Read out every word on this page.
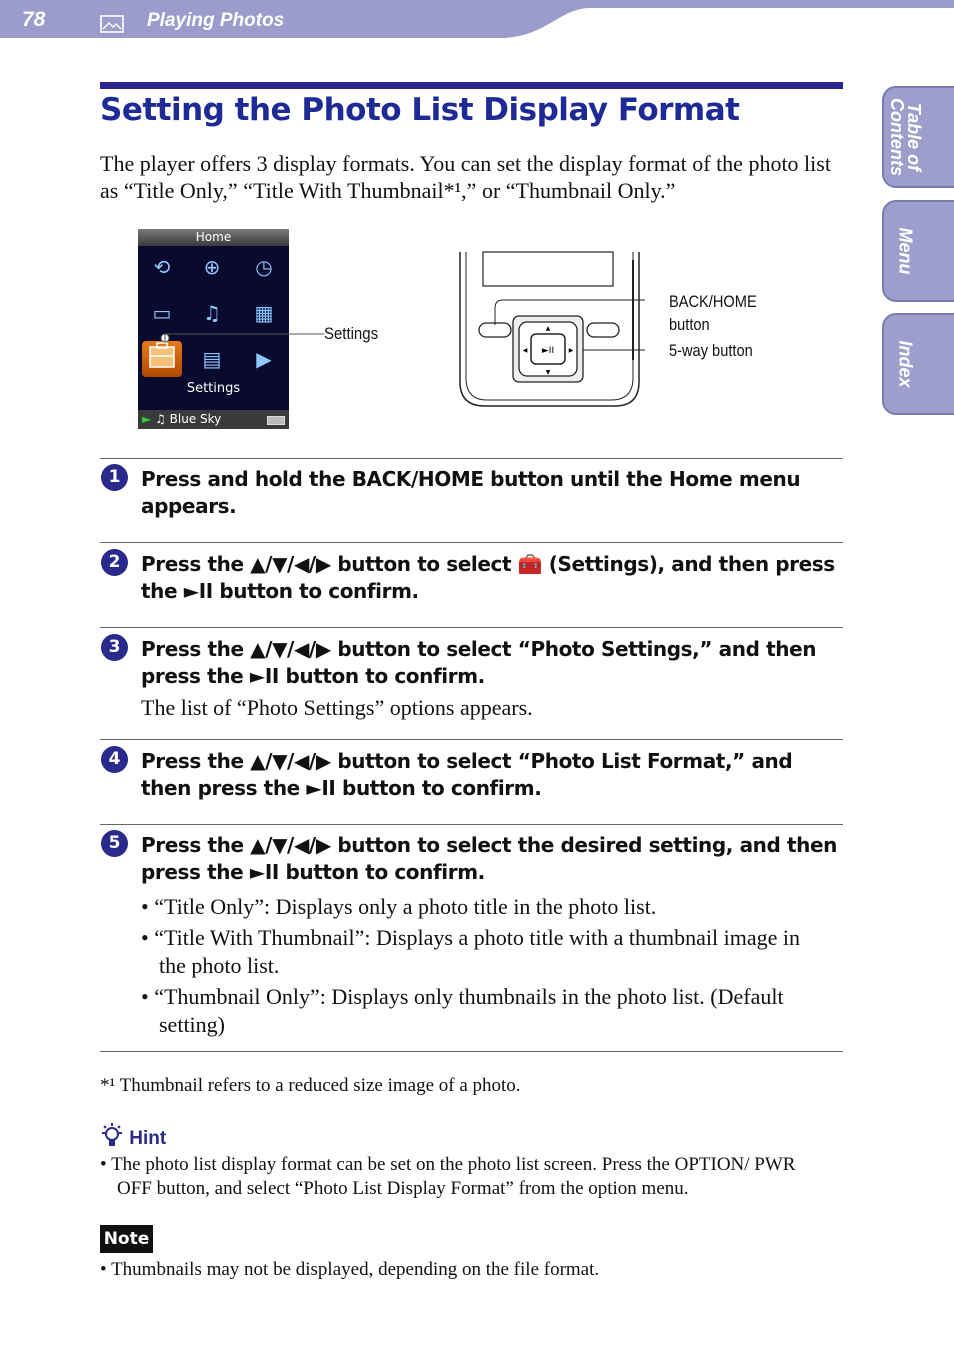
78	Playing Photos
Table of Contents
Menu
Index
Setting the Photo List Display Format
The player offers 3 display formats. You can set the display format of the photo list as “Title Only,” “Title With Thumbnail*¹,” or “Thumbnail Only.”
Home
⟲ ⊕ ◷
▭ ♫ ▦
▤	▶
Settings
► ♫ Blue Sky
Settings
►II
▲
▼
◀	▶
BACK/HOME
button
5-way button
1	Press and hold the BACK/HOME button until the Home menu appears.
2	Press the ▲/▼/◀/▶ button to select 🧰 (Settings), and then press the ►II button to confirm.
3	Press the ▲/▼/◀/▶ button to select “Photo Settings,” and then press the ►II button to confirm.
The list of “Photo Settings” options appears.
4	Press the ▲/▼/◀/▶ button to select “Photo List Format,” and then press the ►II button to confirm.
5	Press the ▲/▼/◀/▶ button to select the desired setting, and then press the ►II button to confirm.
• “Title Only”: Displays only a photo title in the photo list.
• “Title With Thumbnail”: Displays a photo title with a thumbnail image in the photo list.
• “Thumbnail Only”: Displays only thumbnails in the photo list. (Default setting)
*¹ Thumbnail refers to a reduced size image of a photo.
Hint
• The photo list display format can be set on the photo list screen. Press the OPTION/ PWR OFF button, and select “Photo List Display Format” from the option menu.
Note
• Thumbnails may not be displayed, depending on the file format.
